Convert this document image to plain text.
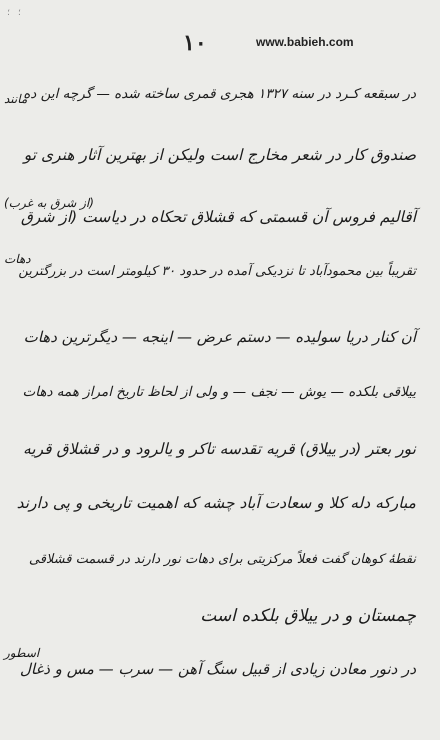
؛ ؛
۱۰	www.babieh.com
در سبقعه کـرد در سنه ۱۳۲۷ هجری قمری ساخته شده — گرچه این ده
صندوق کار در شعر مخارج است ولیکن از بهترین آثار هنری تو
آقالیم فروس آن قسمتی که قشلاق تحکاه در دیاست (از شرق
تقریباً بین محمودآباد تا نزدیکی آمده در حدود ۳۰ کیلومتر است در بزرگترین
آن کنار دریا سولیده — دستم عرض — اینجه — دیگرترین دهات
ییلاقی بلکده — یوش — نجف — و ولی از لحاظ تاریخ امراز همه دهات
نور بعتر (در ییلاق) قریه تقدسه تاکر و یالرود و در قشلاق قریه
مبارکه دله کلا و سعادت آباد چشه که اهمیت تاریخی و پی دارند
نقطهٔ کوهان گفت فعلاً مرکزیتی برای دهات نور دارند در قسمت قشلاقی
چمستان و در ییلاق بلکده است
در دنور معادن زیادی از قبیل سنگ آهن — سرب — مس و ذغال
مانند
(از شرق به غرب)
دهات
اسطور
